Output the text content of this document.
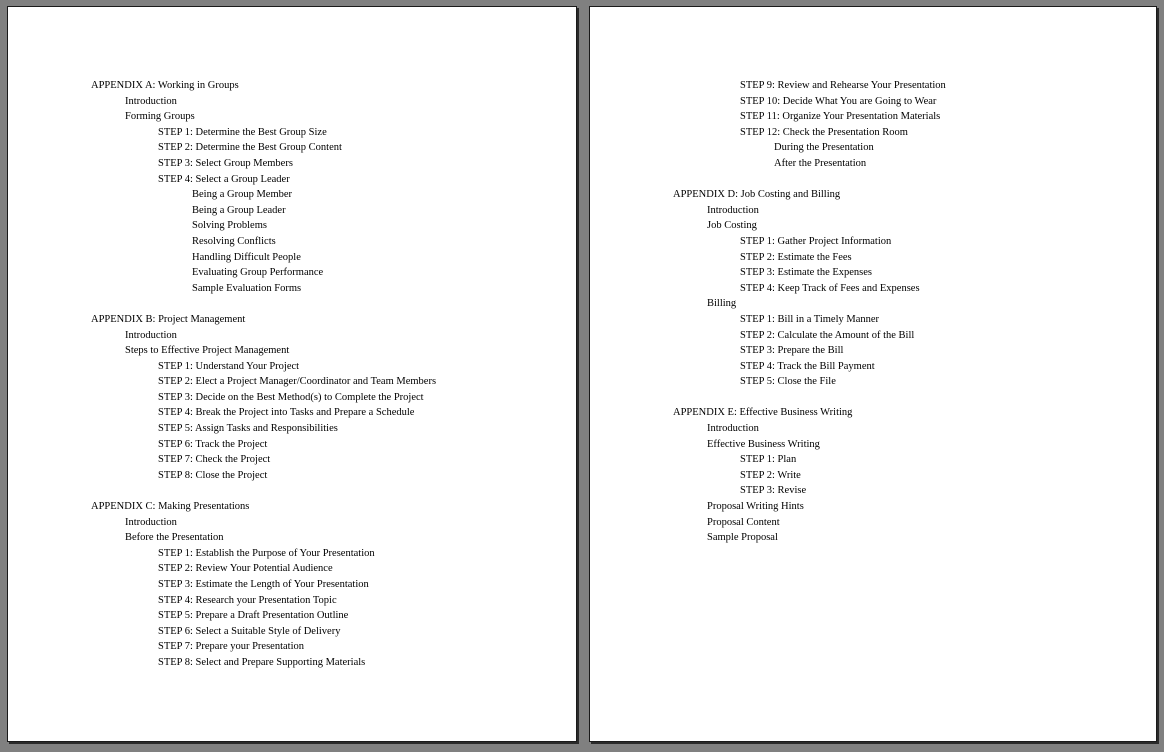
APPENDIX A: Working in Groups
Introduction
Forming Groups
STEP 1: Determine the Best Group Size
STEP 2: Determine the Best Group Content
STEP 3: Select Group Members
STEP 4: Select a Group Leader
Being a Group Member
Being a Group Leader
Solving Problems
Resolving Conflicts
Handling Difficult People
Evaluating Group Performance
Sample Evaluation Forms
APPENDIX B: Project Management
Introduction
Steps to Effective Project Management
STEP 1: Understand Your Project
STEP 2: Elect a Project Manager/Coordinator and Team Members
STEP 3: Decide on the Best Method(s) to Complete the Project
STEP 4: Break the Project into Tasks and Prepare a Schedule
STEP 5: Assign Tasks and Responsibilities
STEP 6: Track the Project
STEP 7: Check the Project
STEP 8: Close the Project
APPENDIX C: Making Presentations
Introduction
Before the Presentation
STEP 1: Establish the Purpose of Your Presentation
STEP 2: Review Your Potential Audience
STEP 3: Estimate the Length of Your Presentation
STEP 4: Research your Presentation Topic
STEP 5: Prepare a Draft Presentation Outline
STEP 6: Select a Suitable Style of Delivery
STEP 7: Prepare your Presentation
STEP 8: Select and Prepare Supporting Materials
STEP 9: Review and Rehearse Your Presentation
STEP 10: Decide What You are Going to Wear
STEP 11: Organize Your Presentation Materials
STEP 12: Check the Presentation Room
During the Presentation
After the Presentation
APPENDIX D: Job Costing and Billing
Introduction
Job Costing
STEP 1: Gather Project Information
STEP 2: Estimate the Fees
STEP 3: Estimate the Expenses
STEP 4: Keep Track of Fees and Expenses
Billing
STEP 1: Bill in a Timely Manner
STEP 2: Calculate the Amount of the Bill
STEP 3: Prepare the Bill
STEP 4: Track the Bill Payment
STEP 5: Close the File
APPENDIX E: Effective Business Writing
Introduction
Effective Business Writing
STEP 1: Plan
STEP 2: Write
STEP 3: Revise
Proposal Writing Hints
Proposal Content
Sample Proposal
